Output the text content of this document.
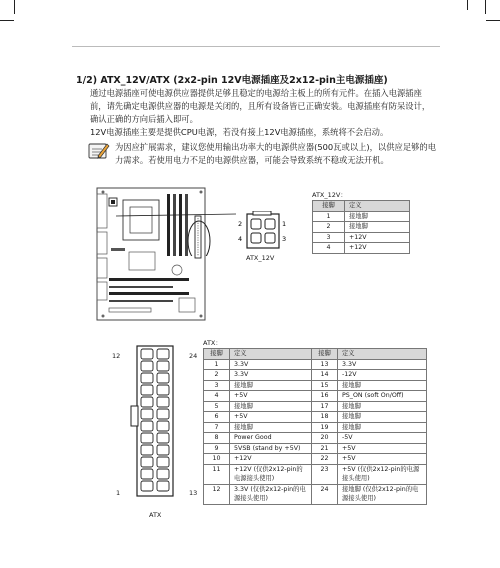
1/2) ATX_12V/ATX (2x2-pin 12V电源插座及2x12-pin主电源插座)
通过电源插座可使电源供应器提供足够且稳定的电源给主板上的所有元件。在插入电源插座前，请先确定电源供应器的电源是关闭的，且所有设备皆已正确安装。电源插座有防呆设计，确认正确的方向后插入即可。
12V电源插座主要是提供CPU电源，若没有接上12V电源插座，系统将不会启动。
为因应扩展需求，建议您使用输出功率大的电源供应器(500瓦或以上)，以供应足够的电力需求。若使用电力不足的电源供应器，可能会导致系统不稳或无法开机。
2	1
4	3
ATX_12V
ATX_12V：
接脚	定义
1	接地脚
2	接地脚
3	+12V
4	+12V
12	24
1	13
ATX
ATX：
接脚	定义	接脚	定义
1	3.3V	13	3.3V
2	3.3V	14	-12V
3	接地脚	15	接地脚
4	+5V	16	PS_ON (soft On/Off)
5	接地脚	17	接地脚
6	+5V	18	接地脚
7	接地脚	19	接地脚
8	Power Good	20	-5V
9	5VSB (stand by +5V)	21	+5V
10	+12V	22	+5V
11	+12V (仅供2x12-pin的电源接头使用)	23	+5V (仅供2x12-pin的电源接头使用)
12	3.3V (仅供2x12-pin的电源接头使用)	24	接地脚 (仅供2x12-pin的电源接头使用)
